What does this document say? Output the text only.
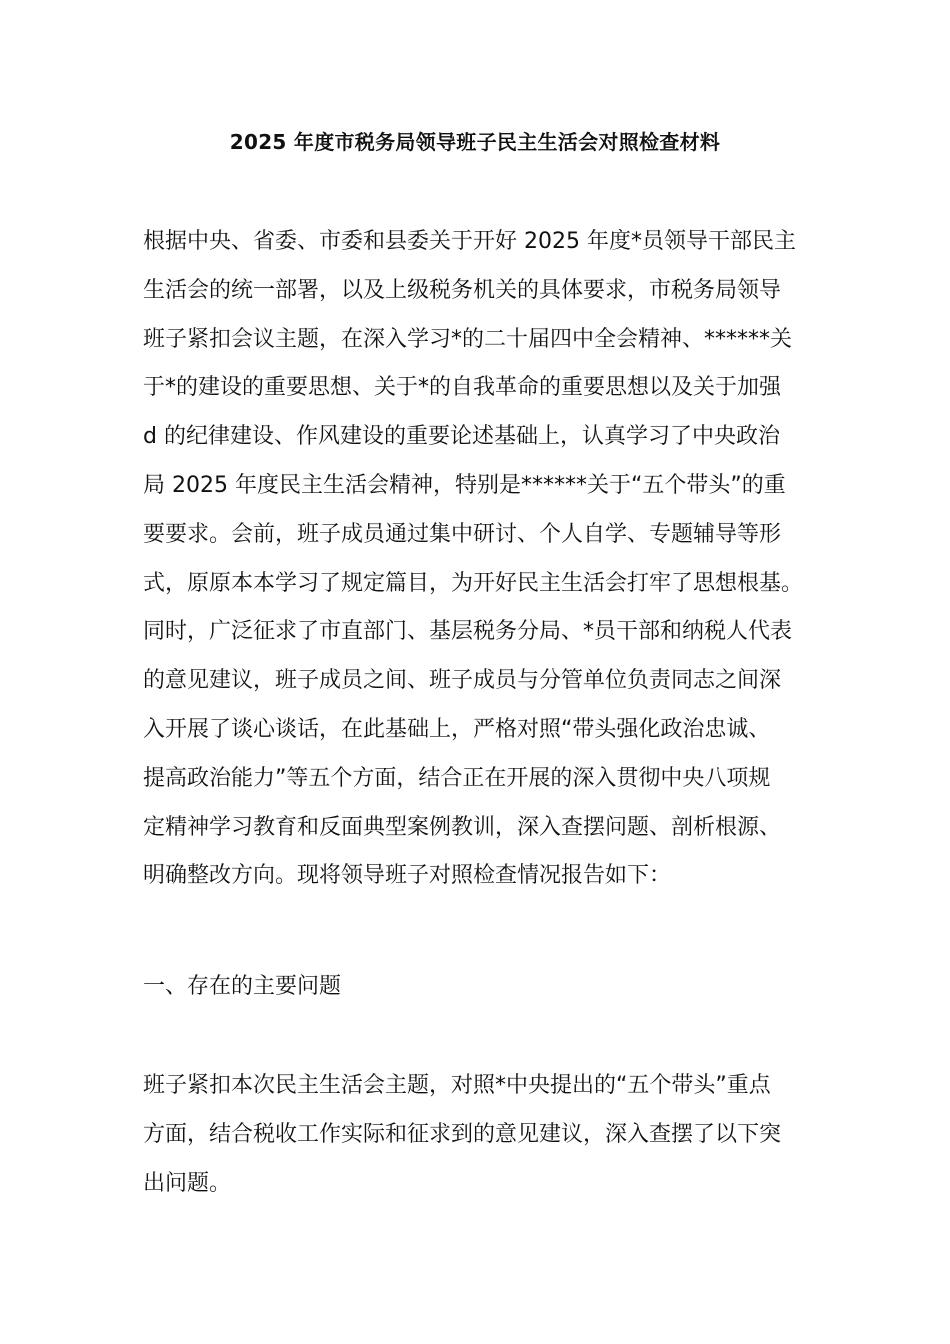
2025 年度市税务局领导班子民主生活会对照检查材料

根据中央、省委、市委和县委关于开好 2025 年度*员领导干部民主
生活会的统一部署，以及上级税务机关的具体要求，市税务局领导
班子紧扣会议主题，在深入学习*的二十届四中全会精神、******关
于*的建设的重要思想、关于*的自我革命的重要思想以及关于加强
d 的纪律建设、作风建设的重要论述基础上，认真学习了中央政治
局 2025 年度民主生活会精神，特别是******关于“五个带头”的重
要要求。会前，班子成员通过集中研讨、个人自学、专题辅导等形
式，原原本本学习了规定篇目，为开好民主生活会打牢了思想根基。
同时，广泛征求了市直部门、基层税务分局、*员干部和纳税人代表
的意见建议，班子成员之间、班子成员与分管单位负责同志之间深
入开展了谈心谈话，在此基础上，严格对照“带头强化政治忠诚、
提高政治能力”等五个方面，结合正在开展的深入贯彻中央八项规
定精神学习教育和反面典型案例教训，深入查摆问题、剖析根源、
明确整改方向。现将领导班子对照检查情况报告如下：

一、存在的主要问题

班子紧扣本次民主生活会主题，对照*中央提出的“五个带头”重点
方面，结合税收工作实际和征求到的意见建议，深入查摆了以下突
出问题。
